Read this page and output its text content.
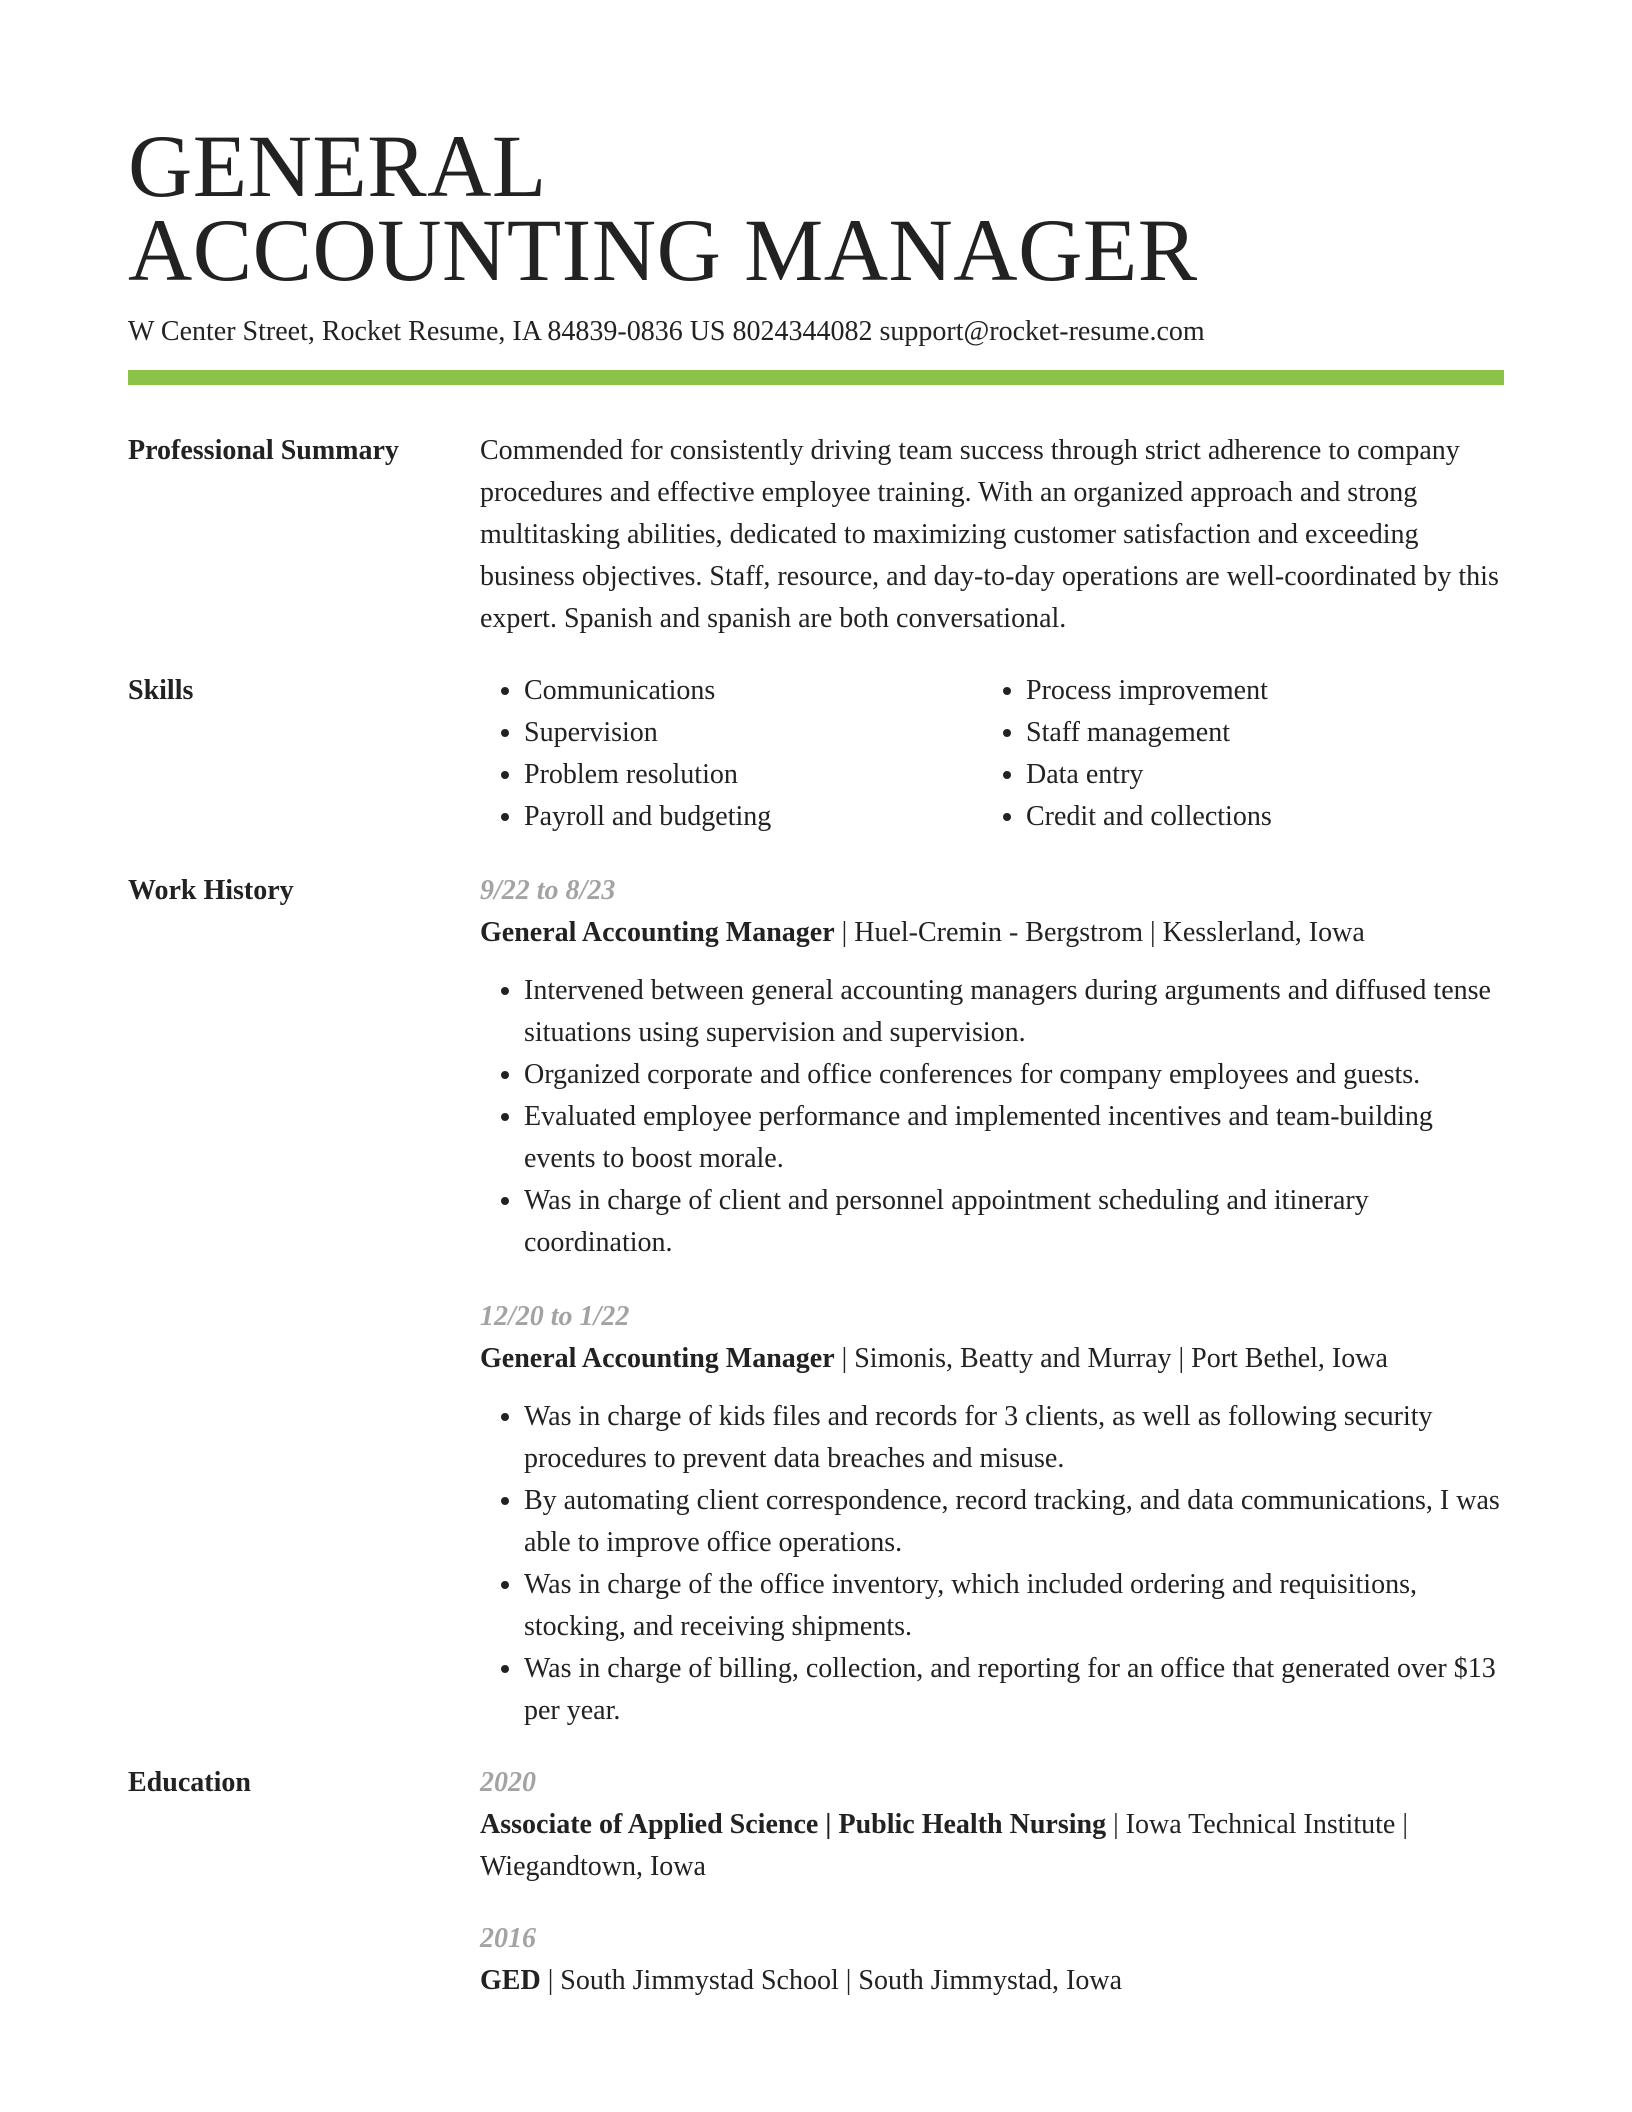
GENERAL
ACCOUNTING MANAGER
W Center Street, Rocket Resume, IA 84839-0836 US 8024344082 support@rocket-resume.com
Professional Summary	Commended for consistently driving team success through strict adherence to company procedures and effective employee training. With an organized approach and strong multitasking abilities, dedicated to maximizing customer satisfaction and exceeding business objectives. Staff, resource, and day-to-day operations are well-coordinated by this expert. Spanish and spanish are both conversational.

Skills
•	Communications
• Supervision
• Problem resolution
• Payroll and budgeting
• Process improvement
• Staff management
• Data entry
• Credit and collections
Work History	9/22 to 8/23
General Accounting Manager | Huel-Cremin - Bergstrom | Kesslerland, Iowa
• Intervened between general accounting managers during arguments and diffused tense situations using supervision and supervision.
• Organized corporate and office conferences for company employees and guests.
• Evaluated employee performance and implemented incentives and team-building events to boost morale.
• Was in charge of client and personnel appointment scheduling and itinerary coordination.
12/20 to 1/22
General Accounting Manager | Simonis, Beatty and Murray | Port Bethel, Iowa
• Was in charge of kids files and records for 3 clients, as well as following security procedures to prevent data breaches and misuse.
• By automating client correspondence, record tracking, and data communications, I was able to improve office operations.
• Was in charge of the office inventory, which included ordering and requisitions, stocking, and receiving shipments.
• Was in charge of billing, collection, and reporting for an office that generated over $13 per year.
Education	2020
Associate of Applied Science | Public Health Nursing | Iowa Technical Institute | Wiegandtown, Iowa
2016
GED | South Jimmystad School | South Jimmystad, Iowa
